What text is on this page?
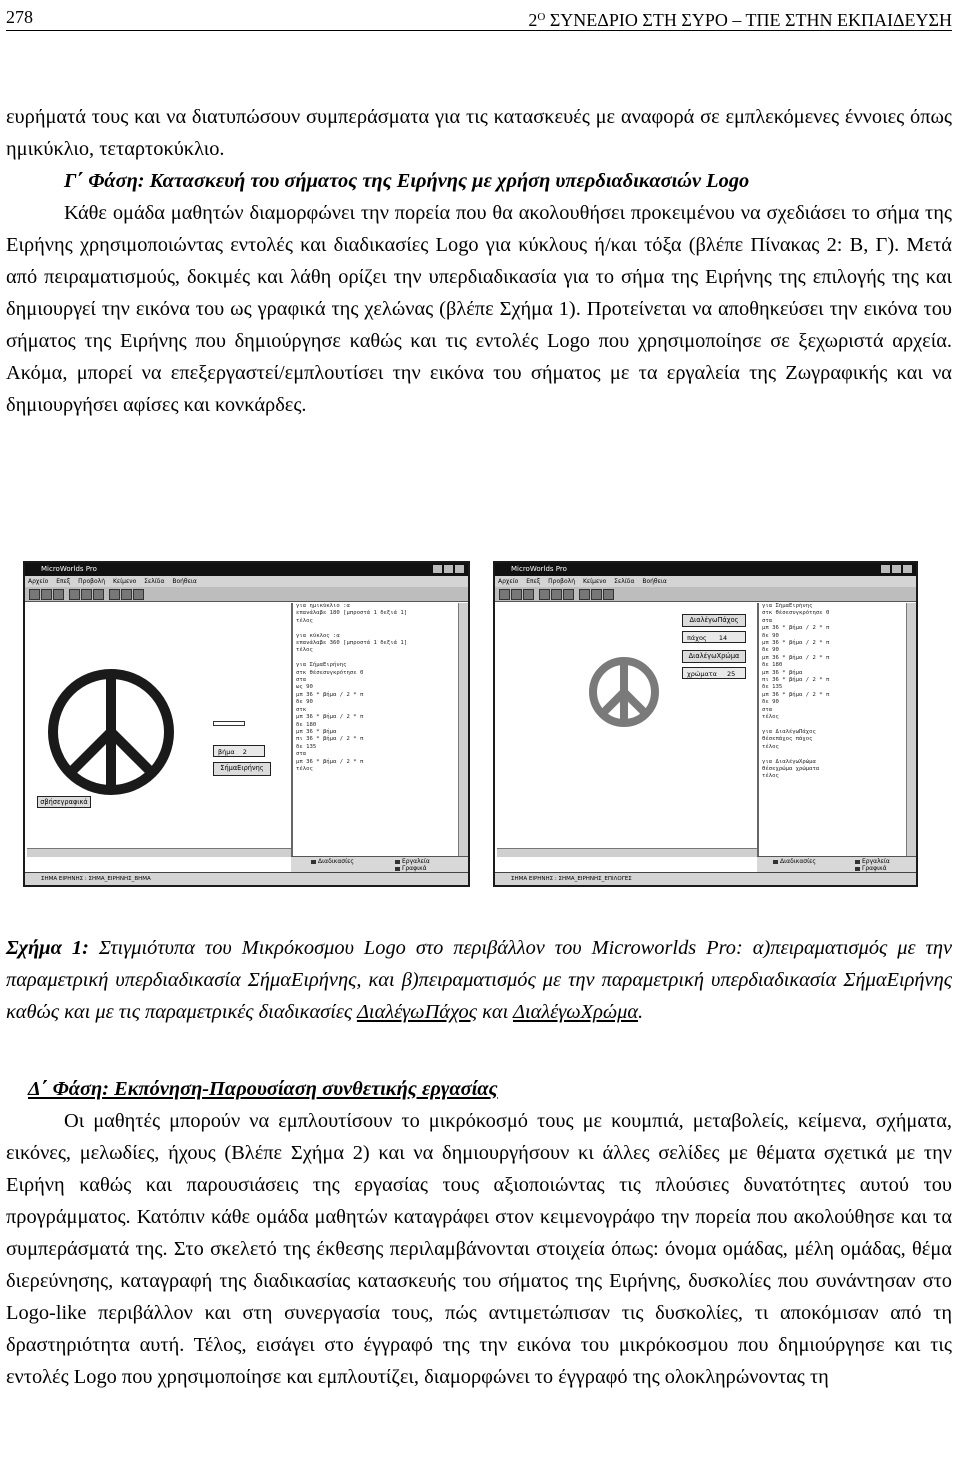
278	$2^O$ ΣΥΝΕΔΡΙΟ ΣΤΗ ΣΥΡΟ – ΤΠΕ ΣΤΗΝ ΕΚΠΑΙΔΕΥΣΗ

ευρήματά τους και να διατυπώσουν συμπεράσματα για τις κατασκευές με αναφορά σε εμπλεκόμενες έννοιες όπως ημικύκλιο, τεταρτοκύκλιο.

Γ΄ Φάση: Κατασκευή του σήματος της Ειρήνης με χρήση υπερδιαδικασιών Logo

Κάθε ομάδα μαθητών διαμορφώνει την πορεία που θα ακολουθήσει προκειμένου να σχεδιάσει το σήμα της Ειρήνης χρησιμοποιώντας εντολές και διαδικασίες Logo για κύκλους ή/και τόξα (βλέπε Πίνακας 2: Β, Γ). Μετά από πειραματισμούς, δοκιμές και λάθη ορίζει την υπερδιαδικασία για το σήμα της Ειρήνης της επιλογής της και δημιουργεί την εικόνα του ως γραφικά της χελώνας (βλέπε Σχήμα 1). Προτείνεται να αποθηκεύσει την εικόνα του σήματος της Ειρήνης που δημιούργησε καθώς και τις εντολές Logo που χρησιμοποίησε σε ξεχωριστά αρχεία. Ακόμα, μπορεί να επεξεργαστεί/εμπλουτίσει την εικόνα του σήματος με τα εργαλεία της Ζωγραφικής και να δημιουργήσει αφίσες και κονκάρδες.

MicroWorlds Pro
Αρχείο Επεξ Προβολή Κείμενο Σελίδα Βοήθεια
βήμα 2
ΣήμαΕιρήνης
σβήσεγραφικά
για ημικύκλιο :α
επανάλαβε 180 [μπροστά 1 δεξιά 1]
τέλος

για κύκλος :α
επανάλαβε 360 [μπροστά 1 δεξιά 1]
τέλος

για ΣήμαΕιρήνης
στκ θέσεσυγκρότησε 0
στα
ως 90
μπ 36 * βήμα / 2 * π
δε 90
στκ
μπ 36 * βήμα / 2 * π
δε 180
μπ 36 * βήμα
πι 36 * βήμα / 2 * π
δε 135
στα
μπ 36 * βήμα / 2 * π
τέλος
Διαδικασίες	Εργαλεία
Γραφικά
ΣΗΜΑ ΕΙΡΗΝΗΣ : ΣΗΜΑ_ΕΙΡΗΝΗΣ_ΒΗΜΑ
MicroWorlds Pro
Αρχείο Επεξ Προβολή Κείμενο Σελίδα Βοήθεια
ΔιαλέγωΠάχος
πάχος 14
ΔιαλέγωΧρώμα
χρώματα 25
για ΣήμαΕιρήνης
στκ θέσεσυγκρότησε 0
στα
μπ 36 * βήμα / 2 * π
δε 90
μπ 36 * βήμα / 2 * π
δε 90
μπ 36 * βήμα / 2 * π
δε 180
μπ 36 * βήμα
πι 36 * βήμα / 2 * π
δε 135
μπ 36 * βήμα / 2 * π
δε 90
στα
τέλος

για ΔιαλέγωΠάχος
θέσεπάχος πάχος
τέλος

για ΔιαλέγωΧρώμα
θέσεχρώμα χρώματα
τέλος
Διαδικασίες	Εργαλεία
Γραφικά
ΣΗΜΑ ΕΙΡΗΝΗΣ : ΣΗΜΑ_ΕΙΡΗΝΗΣ_ΕΠΙΛΟΓΕΣ

Σχήμα 1: Στιγμιότυπα του Μικρόκοσμου Logo στο περιβάλλον του Microworlds Pro: α)πειραματισμός με την παραμετρική υπερδιαδικασία ΣήμαΕιρήνης, και β)πειραματισμός με την παραμετρική υπερδιαδικασία ΣήμαΕιρήνης καθώς και με τις παραμετρικές διαδικασίες ΔιαλέγωΠάχος και ΔιαλέγωΧρώμα.

Δ΄ Φάση: Εκπόνηση-Παρουσίαση συνθετικής εργασίας

Οι μαθητές μπορούν να εμπλουτίσουν το μικρόκοσμό τους με κουμπιά, μεταβολείς, κείμενα, σχήματα, εικόνες, μελωδίες, ήχους (Βλέπε Σχήμα 2) και να δημιουργήσουν κι άλλες σελίδες με θέματα σχετικά με την Ειρήνη καθώς και παρουσιάσεις της εργασίας τους αξιοποιώντας τις πλούσιες δυνατότητες αυτού του προγράμματος. Κατόπιν κάθε ομάδα μαθητών καταγράφει στον κειμενογράφο την πορεία που ακολούθησε και τα συμπεράσματά της. Στο σκελετό της έκθεσης περιλαμβάνονται στοιχεία όπως: όνομα ομάδας, μέλη ομάδας, θέμα διερεύνησης, καταγραφή της διαδικασίας κατασκευής του σήματος της Ειρήνης, δυσκολίες που συνάντησαν στο Logo-like περιβάλλον και στη συνεργασία τους, πώς αντιμετώπισαν τις δυσκολίες, τι αποκόμισαν από τη δραστηριότητα αυτή. Τέλος, εισάγει στο έγγραφό της την εικόνα του μικρόκοσμου που δημιούργησε και τις εντολές Logo που χρησιμοποίησε και εμπλουτίζει, διαμορφώνει το έγγραφό της ολοκληρώνοντας τη
